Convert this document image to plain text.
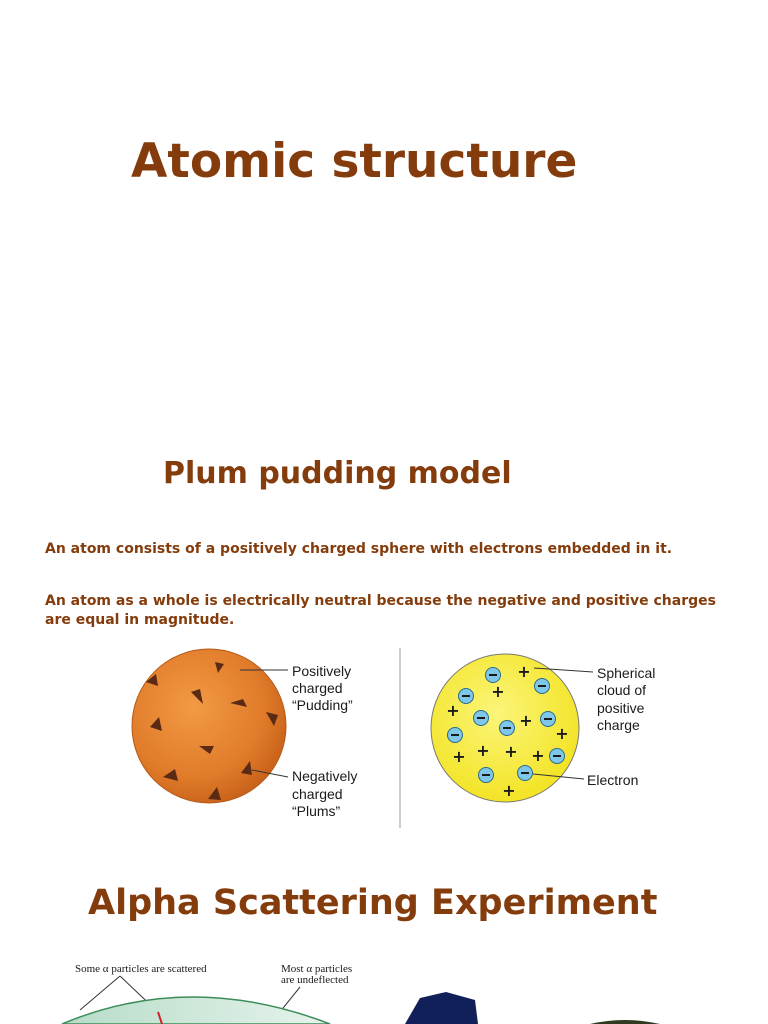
Atomic structure
Plum pudding model

An atom consists of a positively charged sphere with electrons embedded in it.

An atom as a whole is electrically neutral because the negative and positive charges are equal in magnitude.

Positively charged “Pudding”
Negatively charged “Plums”
+
+
+
+
+
+ + + +
+
Spherical cloud of positive charge
Electron
Some α particles are scattered	Most α particles are undeflected
Alpha Scattering Experiment
